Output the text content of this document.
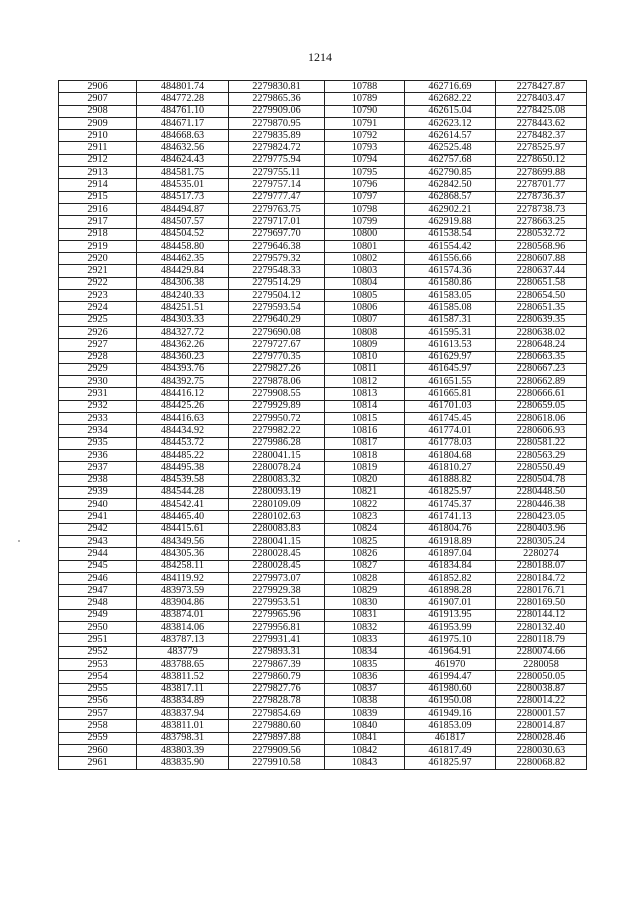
1214
2906	484801.74	2279830.81	10788	462716.69	2278427.87
2907	484772.28	2279865.36	10789	462682.22	2278403.47
2908	484761.10	2279909.06	10790	462615.04	2278425.08
2909	484671.17	2279870.95	10791	462623.12	2278443.62
2910	484668.63	2279835.89	10792	462614.57	2278482.37
2911	484632.56	2279824.72	10793	462525.48	2278525.97
2912	484624.43	2279775.94	10794	462757.68	2278650.12
2913	484581.75	2279755.11	10795	462790.85	2278699.88
2914	484535.01	2279757.14	10796	462842.50	2278701.77
2915	484517.73	2279777.47	10797	462868.57	2278736.37
2916	484494.87	2279763.75	10798	462902.21	2278738.73
2917	484507.57	2279717.01	10799	462919.88	2278663.25
2918	484504.52	2279697.70	10800	461538.54	2280532.72
2919	484458.80	2279646.38	10801	461554.42	2280568.96
2920	484462.35	2279579.32	10802	461556.66	2280607.88
2921	484429.84	2279548.33	10803	461574.36	2280637.44
2922	484306.38	2279514.29	10804	461580.86	2280651.58
2923	484240.33	2279504.12	10805	461583.05	2280654.50
2924	484251.51	2279593.54	10806	461585.08	2280651.35
2925	484303.33	2279640.29	10807	461587.31	2280639.35
2926	484327.72	2279690.08	10808	461595.31	2280638.02
2927	484362.26	2279727.67	10809	461613.53	2280648.24
2928	484360.23	2279770.35	10810	461629.97	2280663.35
2929	484393.76	2279827.26	10811	461645.97	2280667.23
2930	484392.75	2279878.06	10812	461651.55	2280662.89
2931	484416.12	2279908.55	10813	461665.81	2280666.61
2932	484425.26	2279929.89	10814	461701.03	2280659.05
2933	484416.63	2279950.72	10815	461745.45	2280618.06
2934	484434.92	2279982.22	10816	461774.01	2280606.93
2935	484453.72	2279986.28	10817	461778.03	2280581.22
2936	484485.22	2280041.15	10818	461804.68	2280563.29
2937	484495.38	2280078.24	10819	461810.27	2280550.49
2938	484539.58	2280083.32	10820	461888.82	2280504.78
2939	484544.28	2280093.19	10821	461825.97	2280448.50
2940	484542.41	2280109.09	10822	461745.37	2280446.38
2941	484465.40	2280102.63	10823	461741.13	2280423.05
2942	484415.61	2280083.83	10824	461804.76	2280403.96
2943	484349.56	2280041.15	10825	461918.89	2280305.24
2944	484305.36	2280028.45	10826	461897.04	2280274
2945	484258.11	2280028.45	10827	461834.84	2280188.07
2946	484119.92	2279973.07	10828	461852.82	2280184.72
2947	483973.59	2279929.38	10829	461898.28	2280176.71
2948	483904.86	2279953.51	10830	461907.01	2280169.50
2949	483874.01	2279965.96	10831	461913.95	2280144.12
2950	483814.06	2279956.81	10832	461953.99	2280132.40
2951	483787.13	2279931.41	10833	461975.10	2280118.79
2952	483779	2279893.31	10834	461964.91	2280074.66
2953	483788.65	2279867.39	10835	461970	2280058
2954	483811.52	2279860.79	10836	461994.47	2280050.05
2955	483817.11	2279827.76	10837	461980.60	2280038.87
2956	483834.89	2279828.78	10838	461950.08	2280014.22
2957	483837.94	2279854.69	10839	461949.16	2280001.57
2958	483811.01	2279880.60	10840	461853.09	2280014.87
2959	483798.31	2279897.88	10841	461817	2280028.46
2960	483803.39	2279909.56	10842	461817.49	2280030.63
2961	483835.90	2279910.58	10843	461825.97	2280068.82
